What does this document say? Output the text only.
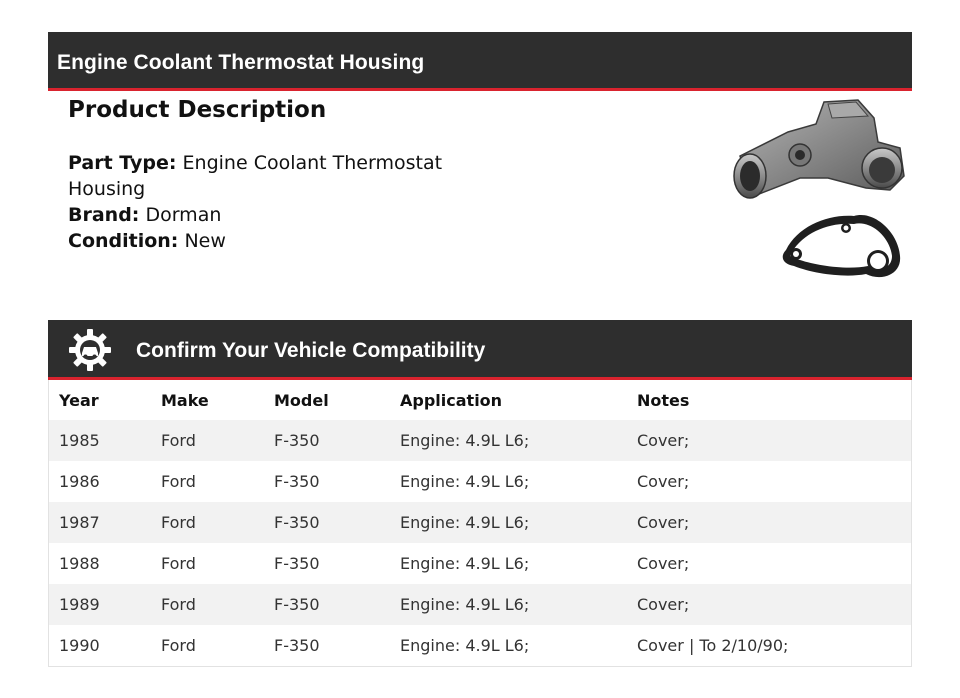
Engine Coolant Thermostat Housing
Product Description
Part Type: Engine Coolant Thermostat Housing
Brand: Dorman
Condition: New
Confirm Your Vehicle Compatibility
Year	Make	Model	Application	Notes
1985	Ford	F-350	Engine: 4.9L L6;	Cover;
1986	Ford	F-350	Engine: 4.9L L6;	Cover;
1987	Ford	F-350	Engine: 4.9L L6;	Cover;
1988	Ford	F-350	Engine: 4.9L L6;	Cover;
1989	Ford	F-350	Engine: 4.9L L6;	Cover;
1990	Ford	F-350	Engine: 4.9L L6;	Cover | To 2/10/90;
